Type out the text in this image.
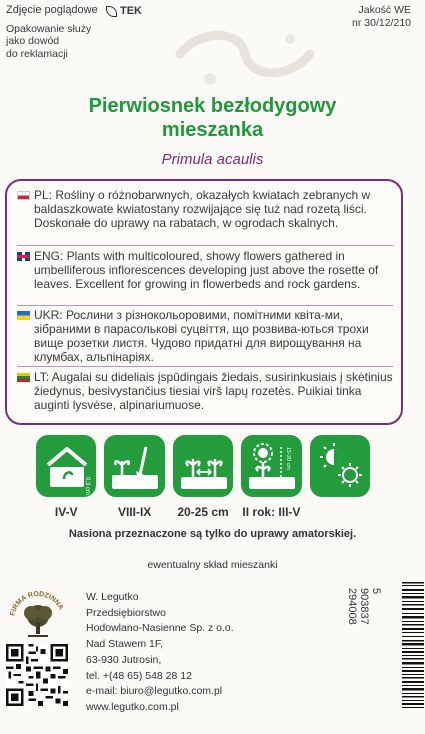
Zdjęcie poglądowe
Opakowanie służy
jako dowód
do reklamacji
TEK	Jakość WE
nr 30/12/210
Pierwiosnek bezłodygowy
mieszanka
Primula acaulis
PL: Rośliny o różnobarwnych, okazałych kwiatach zebranych w baldaszkowate kwiatostany rozwijające się tuż nad rozetą liści. Doskonałe do uprawy na rabatach, w ogrodach skalnych.
ENG: Plants with multicoloured, showy flowers gathered in umbelliferous inflorescences developing just above the rosette of leaves. Excellent for growing in flowerbeds and rock gardens.
UKR: Рослини з різнокольоровими, помітними квіта-ми, зібраними в парасолькові суцвіття, що розвива-ються трохи вище розетки листя. Чудово придатні для вирощування на клумбах, альпінаріях.
LT: Augalai su dideliais įspūdingais žiedais, susirinkusiais į skėtinius žiedynus, besivystančius tiesiai virš lapų rozetės. Puikiai tinka auginti lysvėse, alpinariumuose.
0,3 cm
15-20 cm
IV-V	VIII-IX	20-25 cm	II rok: III-V
Nasiona przeznaczone są tylko do uprawy amatorskiej.
ewentualny skład mieszanki
FIRMA RODZINNA
W. Legutko
Przedsiębiorstwo
Hodowlano-Nasienne Sp. z o.o.
Nad Stawem 1F,
63-930 Jutrosin,
tel. +(48 65) 548 28 12
e-mail: biuro@legutko.com.pl
www.legutko.com.pl
5 903837 294008
